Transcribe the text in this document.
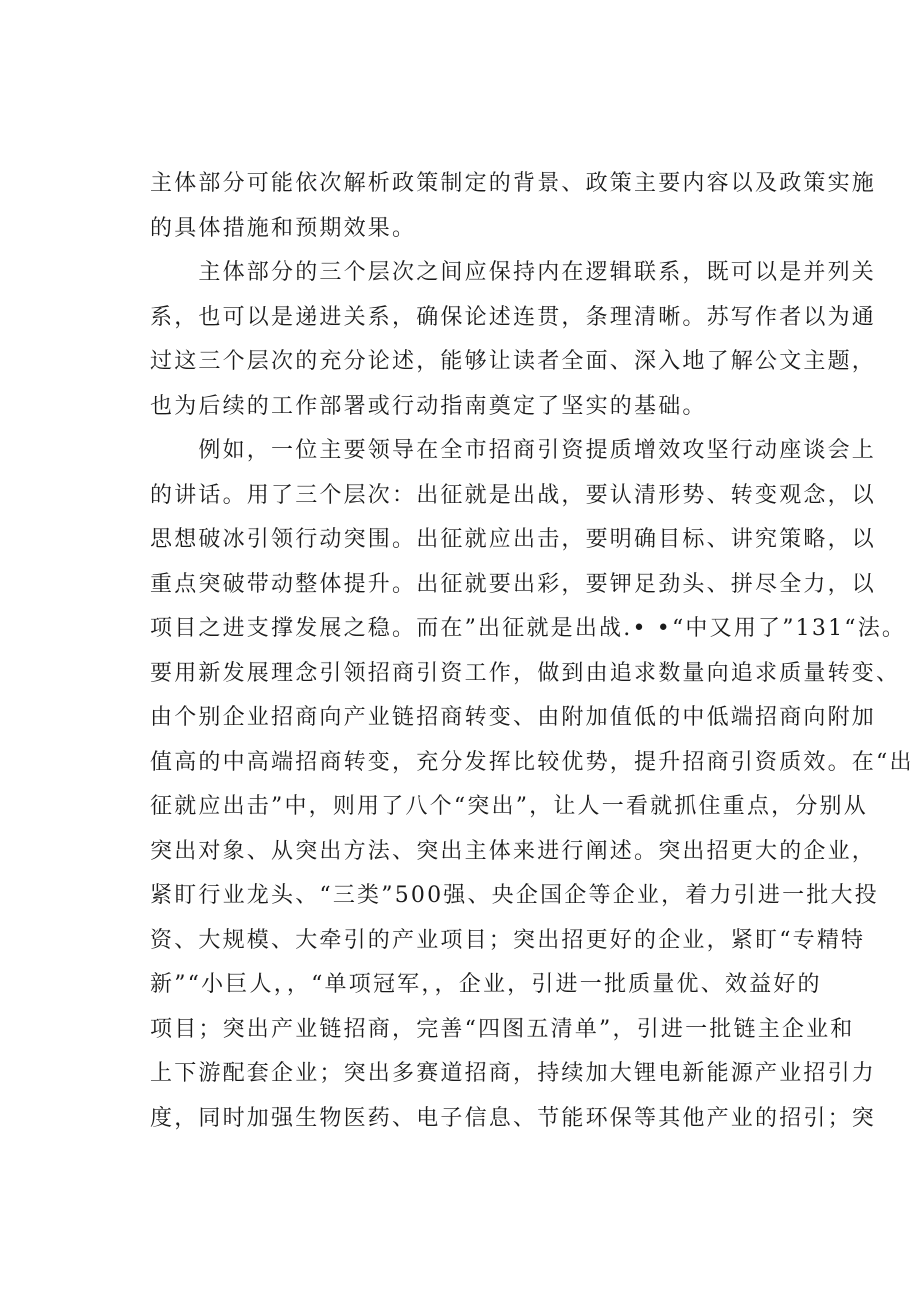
主体部分可能依次解析政策制定的背景、政策主要内容以及政策实施
的具体措施和预期效果。
　　主体部分的三个层次之间应保持内在逻辑联系，既可以是并列关
系，也可以是递进关系，确保论述连贯，条理清晰。苏写作者以为通
过这三个层次的充分论述，能够让读者全面、深入地了解公文主题，
也为后续的工作部署或行动指南奠定了坚实的基础。
　　例如，一位主要领导在全市招商引资提质增效攻坚行动座谈会上
的讲话。用了三个层次：出征就是出战，要认清形势、转变观念，以
思想破冰引领行动突围。出征就应出击，要明确目标、讲究策略，以
重点突破带动整体提升。出征就要出彩，要钾足劲头、拼尽全力，以
项目之进支撑发展之稳。而在”出征就是出战.• •“中又用了”131“法。
要用新发展理念引领招商引资工作，做到由追求数量向追求质量转变、
由个别企业招商向产业链招商转变、由附加值低的中低端招商向附加
值高的中高端招商转变，充分发挥比较优势，提升招商引资质效。在“出
征就应出击”中，则用了八个“突出”，让人一看就抓住重点，分别从
突出对象、从突出方法、突出主体来进行阐述。突出招更大的企业，
紧盯行业龙头、“三类”500强、央企国企等企业，着力引进一批大投
资、大规模、大牵引的产业项目；突出招更好的企业，紧盯“专精特
新”“小巨人，，“单项冠军，，企业，引进一批质量优、效益好的
项目；突出产业链招商，完善“四图五清单”，引进一批链主企业和
上下游配套企业；突出多赛道招商，持续加大锂电新能源产业招引力
度，同时加强生物医药、电子信息、节能环保等其他产业的招引；突
